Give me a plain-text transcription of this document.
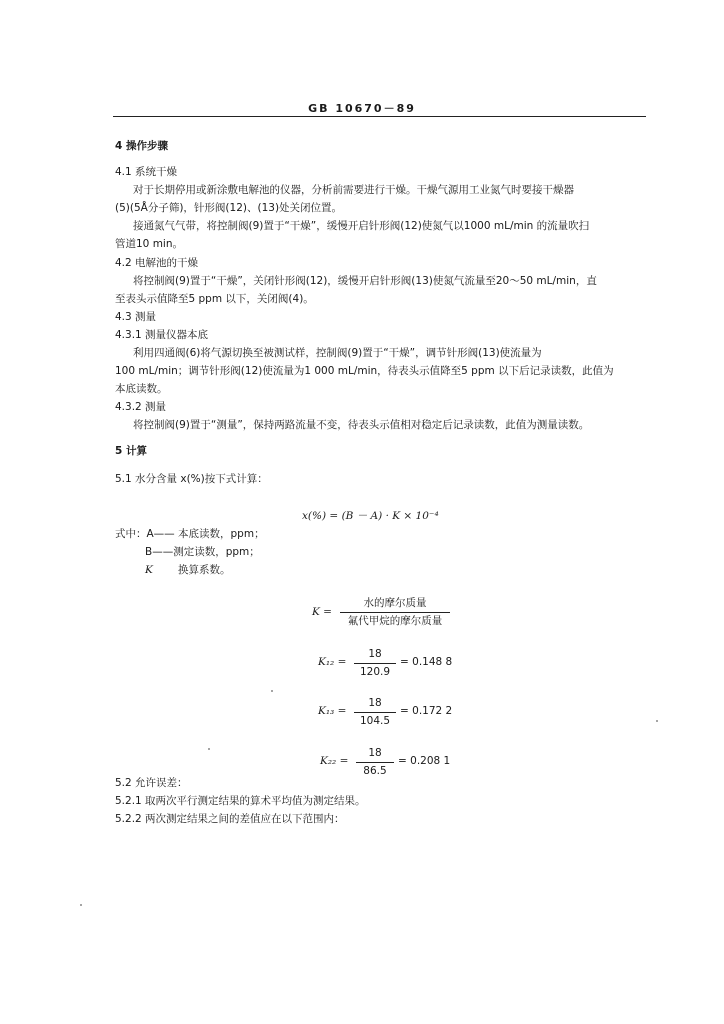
GB 10670－89
4 操作步骤
4.1 系统干燥
对于长期停用或新涂敷电解池的仪器，分析前需要进行干燥。干燥气源用工业氮气时要接干燥器
(5)(5Å分子筛)，针形阀(12)、(13)处关闭位置。
接通氮气气带，将控制阀(9)置于“干燥”，缓慢开启针形阀(12)使氮气以1000 mL/min 的流量吹扫
管道10 min。
4.2 电解池的干燥
将控制阀(9)置于“干燥”，关闭针形阀(12)，缓慢开启针形阀(13)使氮气流量至20～50 mL/min，直
至表头示值降至5 ppm 以下，关闭阀(4)。
4.3 测量
4.3.1 测量仪器本底
利用四通阀(6)将气源切换至被测试样，控制阀(9)置于“干燥”，调节针形阀(13)使流量为
100 mL/min；调节针形阀(12)使流量为1 000 mL/min，待表头示值降至5 ppm 以下后记录读数，此值为
本底读数。
4.3.2 测量
将控制阀(9)置于“测量”，保持两路流量不变，待表头示值相对稳定后记录读数，此值为测量读数。
5 计算
5.1 水分含量 x(%)按下式计算：
x(%) = (B － A) · K × 10⁻⁴
式中：A—— 本底读数，ppm；
B——测定读数，ppm；
K 换算系数。
K =
水的摩尔质量
氟代甲烷的摩尔质量
K₁₂ =
18
120.9
= 0.148 8
K₁₃ =
18
104.5
= 0.172 2
K₂₂ =
18
86.5
= 0.208 1
5.2 允许误差：
5.2.1 取两次平行测定结果的算术平均值为测定结果。
5.2.2 两次测定结果之间的差值应在以下范围内：
